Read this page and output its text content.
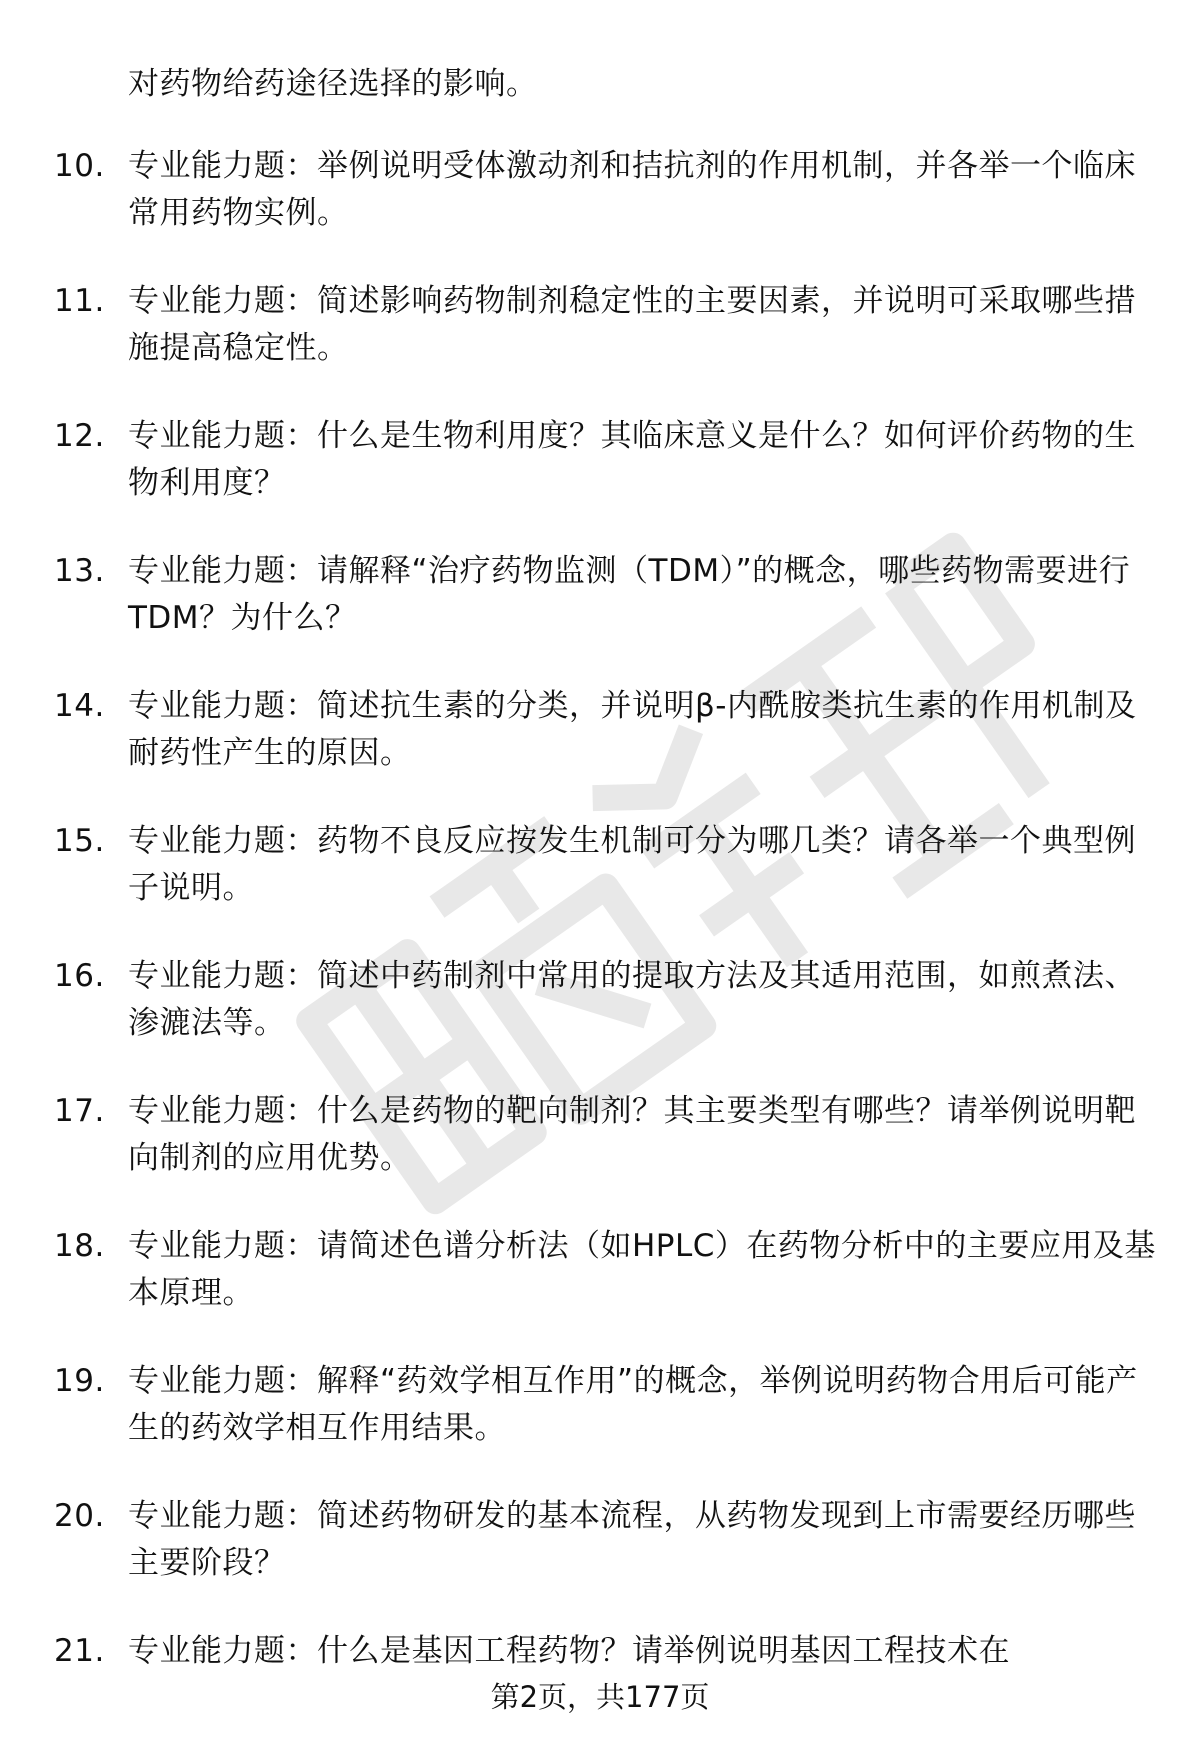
对药物给药途径选择的影响。
10. 专业能力题：举例说明受体激动剂和拮抗剂的作用机制，并各举一个临床常用药物实例。
11. 专业能力题：简述影响药物制剂稳定性的主要因素，并说明可采取哪些措施提高稳定性。
12. 专业能力题：什么是生物利用度？其临床意义是什么？如何评价药物的生物利用度？
13. 专业能力题：请解释“治疗药物监测（TDM）”的概念，哪些药物需要进行TDM？为什么？
14. 专业能力题：简述抗生素的分类，并说明β-内酰胺类抗生素的作用机制及耐药性产生的原因。
15. 专业能力题：药物不良反应按发生机制可分为哪几类？请各举一个典型例子说明。
16. 专业能力题：简述中药制剂中常用的提取方法及其适用范围，如煎煮法、渗漉法等。
17. 专业能力题：什么是药物的靶向制剂？其主要类型有哪些？请举例说明靶向制剂的应用优势。
18. 专业能力题：请简述色谱分析法（如HPLC）在药物分析中的主要应用及基本原理。
19. 专业能力题：解释“药效学相互作用”的概念，举例说明药物合用后可能产生的药效学相互作用结果。
20. 专业能力题：简述药物研发的基本流程，从药物发现到上市需要经历哪些主要阶段？
21. 专业能力题：什么是基因工程药物？请举例说明基因工程技术在
第2页，共177页
